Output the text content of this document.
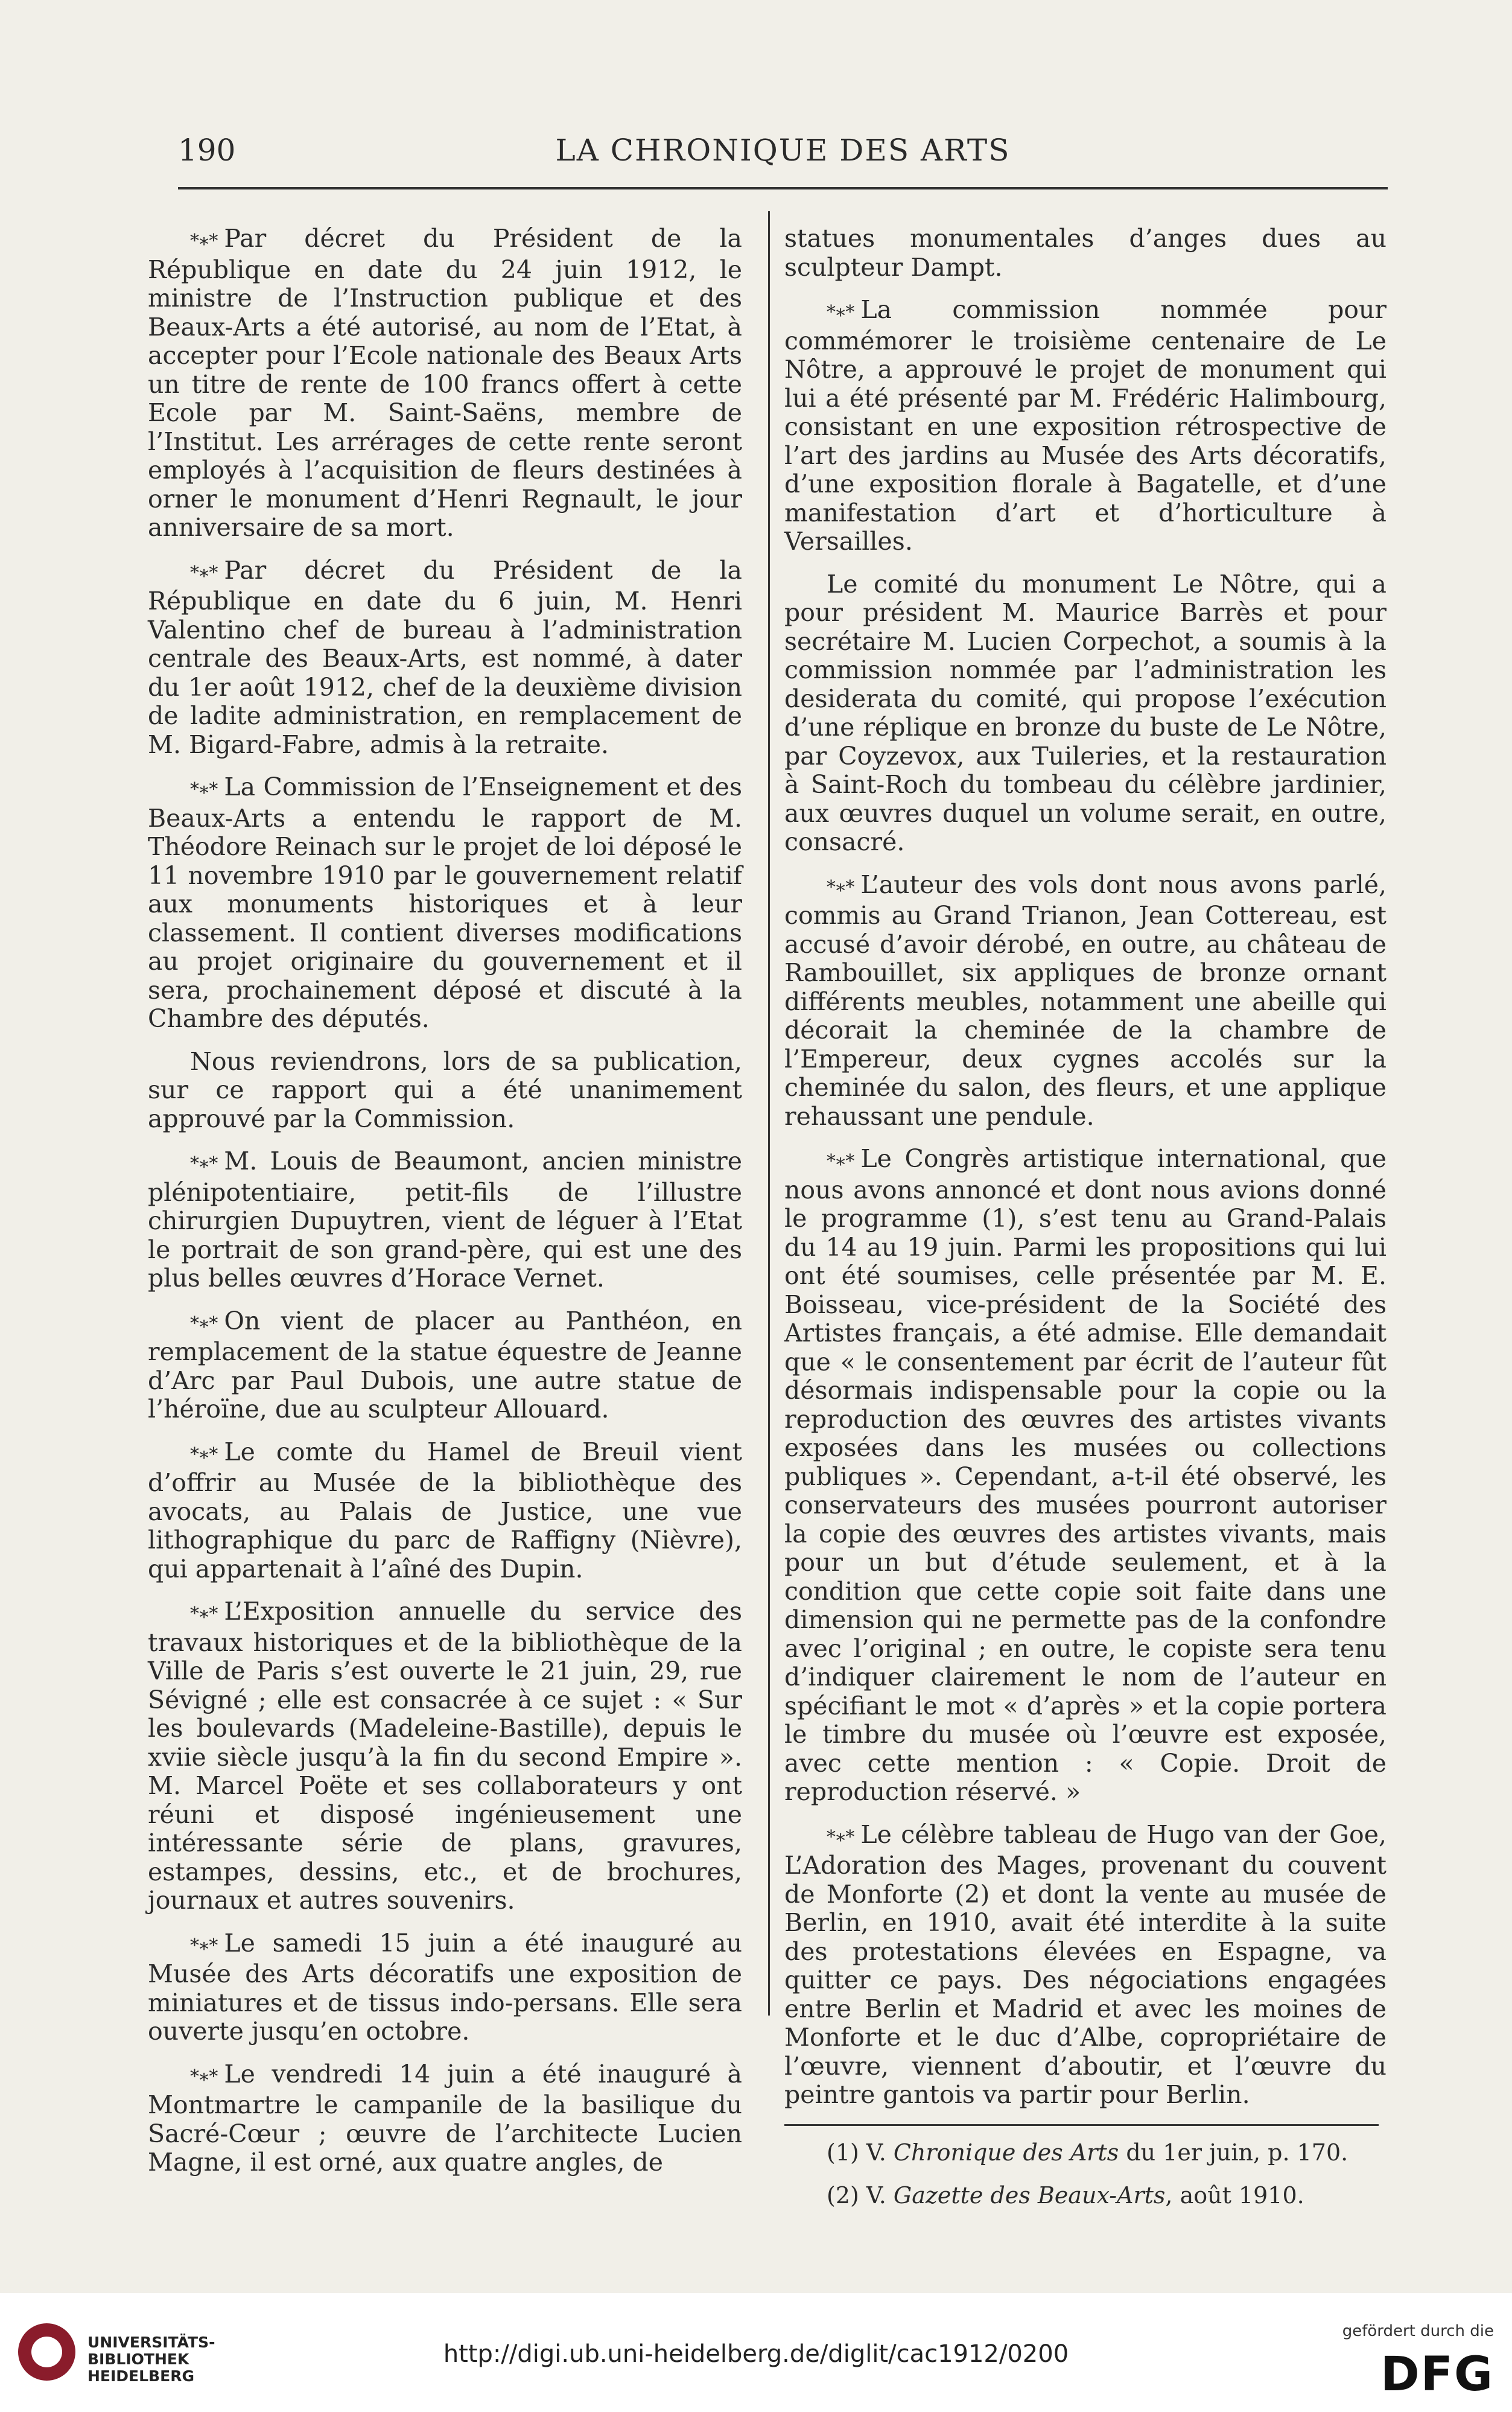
190	LA CHRONIQUE DES ARTS

*∗* Par décret du Président de la République en date du 24 juin 1912, le ministre de l’Instruction publique et des Beaux-Arts a été autorisé, au nom de l’Etat, à accepter pour l’Ecole nationale des Beaux Arts un titre de rente de 100 francs offert à cette Ecole par M. Saint-Saëns, membre de l’Institut. Les arrérages de cette rente seront employés à l’acquisition de fleurs destinées à orner le monument d’Henri Regnault, le jour anniversaire de sa mort.

*∗* Par décret du Président de la République en date du 6 juin, M. Henri Valentino chef de bureau à l’administration centrale des Beaux-Arts, est nommé, à dater du 1er août 1912, chef de la deuxième division de ladite administration, en remplacement de M. Bigard-Fabre, admis à la retraite.

*∗* La Commission de l’Enseignement et des Beaux-Arts a entendu le rapport de M. Théodore Reinach sur le projet de loi déposé le 11 novembre 1910 par le gouvernement relatif aux monuments historiques et à leur classement. Il contient diverses modifications au projet originaire du gouvernement et il sera, prochainement déposé et discuté à la Chambre des députés.

Nous reviendrons, lors de sa publication, sur ce rapport qui a été unanimement approuvé par la Commission.

*∗* M. Louis de Beaumont, ancien ministre plénipotentiaire, petit-fils de l’illustre chirurgien Dupuytren, vient de léguer à l’Etat le portrait de son grand-père, qui est une des plus belles œuvres d’Horace Vernet.

*∗* On vient de placer au Panthéon, en remplacement de la statue équestre de Jeanne d’Arc par Paul Dubois, une autre statue de l’héroïne, due au sculpteur Allouard.

*∗* Le comte du Hamel de Breuil vient d’offrir au Musée de la bibliothèque des avocats, au Palais de Justice, une vue lithographique du parc de Raffigny (Nièvre), qui appartenait à l’aîné des Dupin.

*∗* L’Exposition annuelle du service des travaux historiques et de la bibliothèque de la Ville de Paris s’est ouverte le 21 juin, 29, rue Sévigné ; elle est consacrée à ce sujet : « Sur les boulevards (Madeleine-Bastille), depuis le xviie siècle jusqu’à la fin du second Empire ». M. Marcel Poëte et ses collaborateurs y ont réuni et disposé ingénieusement une intéressante série de plans, gravures, estampes, dessins, etc., et de brochures, journaux et autres souvenirs.

*∗* Le samedi 15 juin a été inauguré au Musée des Arts décoratifs une exposition de miniatures et de tissus indo-persans. Elle sera ouverte jusqu’en octobre.

*∗* Le vendredi 14 juin a été inauguré à Montmartre le campanile de la basilique du Sacré-Cœur ; œuvre de l’architecte Lucien Magne, il est orné, aux quatre angles, de

statues monumentales d’anges dues au sculpteur Dampt.

*∗* La commission nommée pour commémorer le troisième centenaire de Le Nôtre, a approuvé le projet de monument qui lui a été présenté par M. Frédéric Halimbourg, consistant en une exposition rétrospective de l’art des jardins au Musée des Arts décoratifs, d’une exposition florale à Bagatelle, et d’une manifestation d’art et d’horticulture à Versailles.

Le comité du monument Le Nôtre, qui a pour président M. Maurice Barrès et pour secrétaire M. Lucien Corpechot, a soumis à la commission nommée par l’administration les desiderata du comité, qui propose l’exécution d’une réplique en bronze du buste de Le Nôtre, par Coyzevox, aux Tuileries, et la restauration à Saint-Roch du tombeau du célèbre jardinier, aux œuvres duquel un volume serait, en outre, consacré.

*∗* L’auteur des vols dont nous avons parlé, commis au Grand Trianon, Jean Cottereau, est accusé d’avoir dérobé, en outre, au château de Rambouillet, six appliques de bronze ornant différents meubles, notamment une abeille qui décorait la cheminée de la chambre de l’Empereur, deux cygnes accolés sur la cheminée du salon, des fleurs, et une applique rehaussant une pendule.

*∗* Le Congrès artistique international, que nous avons annoncé et dont nous avions donné le programme (1), s’est tenu au Grand-Palais du 14 au 19 juin. Parmi les propositions qui lui ont été soumises, celle présentée par M. E. Boisseau, vice-président de la Société des Artistes français, a été admise. Elle demandait que « le consentement par écrit de l’auteur fût désormais indispensable pour la copie ou la reproduction des œuvres des artistes vivants exposées dans les musées ou collections publiques ». Cependant, a-t-il été observé, les conservateurs des musées pourront autoriser la copie des œuvres des artistes vivants, mais pour un but d’étude seulement, et à la condition que cette copie soit faite dans une dimension qui ne permette pas de la confondre avec l’original ; en outre, le copiste sera tenu d’indiquer clairement le nom de l’auteur en spécifiant le mot « d’après » et la copie portera le timbre du musée où l’œuvre est exposée, avec cette mention : « Copie. Droit de reproduction réservé. »

*∗* Le célèbre tableau de Hugo van der Goe, L’Adoration des Mages, provenant du couvent de Monforte (2) et dont la vente au musée de Berlin, en 1910, avait été interdite à la suite des protestations élevées en Espagne, va quitter ce pays. Des négociations engagées entre Berlin et Madrid et avec les moines de Monforte et le duc d’Albe, copropriétaire de l’œuvre, viennent d’aboutir, et l’œuvre du peintre gantois va partir pour Berlin.

(1) V. Chronique des Arts du 1er juin, p. 170.

(2) V. Gazette des Beaux-Arts, août 1910.

UNIVERSITÄTS-
BIBLIOTHEK
HEIDELBERG
http://digi.ub.uni-heidelberg.de/diglit/cac1912/0200
gefördert durch die
DFG
